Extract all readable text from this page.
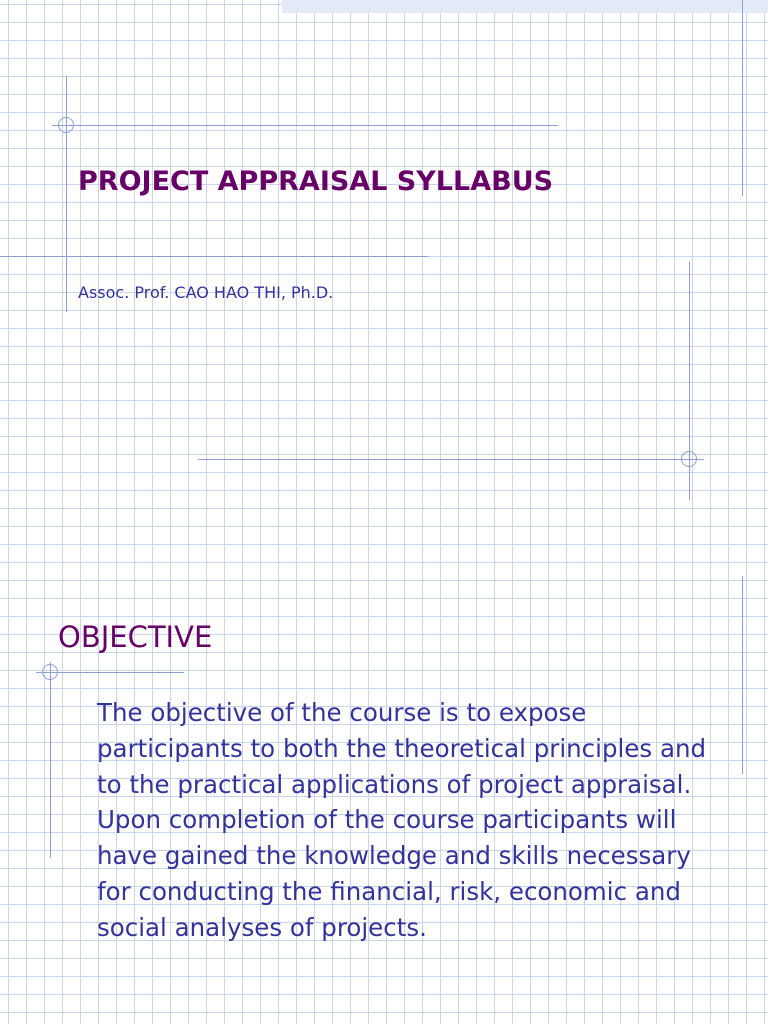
PROJECT APPRAISAL SYLLABUS

Assoc. Prof. CAO HAO THI, Ph.D.

OBJECTIVE

The objective of the course is to expose participants to both the theoretical principles and to the practical applications of project appraisal. Upon completion of the course participants will have gained the knowledge and skills necessary for conducting the financial, risk, economic and social analyses of projects.
